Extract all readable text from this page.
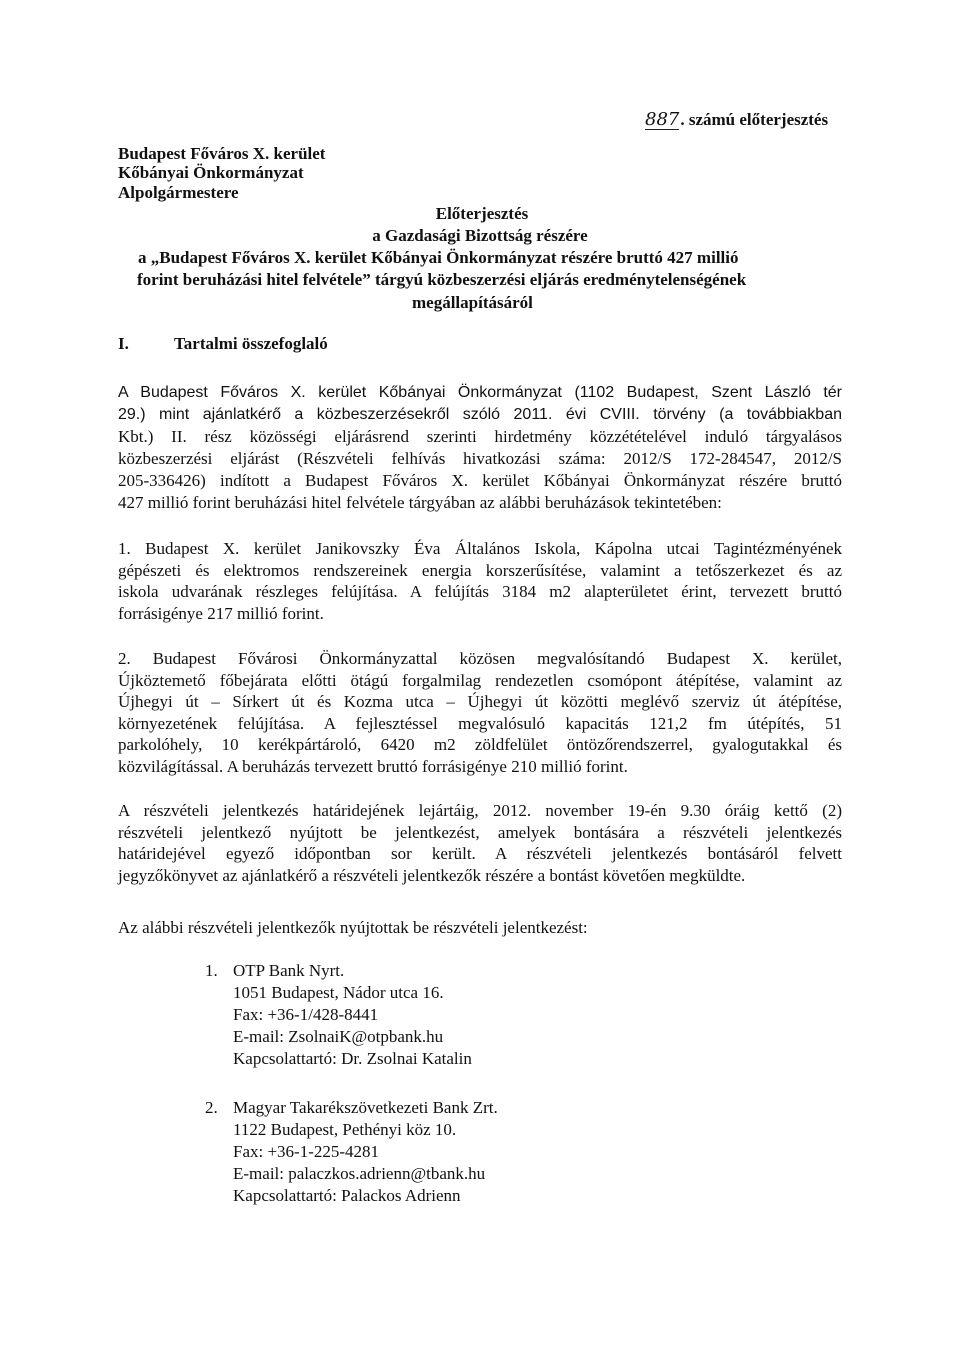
Budapest Főváros X. kerület
Kőbányai Önkormányzat
Alpolgármestere
887. számú előterjesztés
Előterjesztés
a Gazdasági Bizottság részére
a „Budapest Főváros X. kerület Kőbányai Önkormányzat részére bruttó 427 millió
forint beruházási hitel felvétele” tárgyú közbeszerzési eljárás eredménytelenségének
megállapításáról
I.	Tartalmi összefoglaló
A Budapest Főváros X. kerület Kőbányai Önkormányzat (1102 Budapest, Szent László tér
29.) mint ajánlatkérő a közbeszerzésekről szóló 2011. évi CVIII. törvény (a továbbiakban
Kbt.) II. rész közösségi eljárásrend szerinti hirdetmény közzétételével induló tárgyalásos
közbeszerzési eljárást (Részvételi felhívás hivatkozási száma: 2012/S 172-284547, 2012/S
205-336426) indított a Budapest Főváros X. kerület Kőbányai Önkormányzat részére bruttó
427 millió forint beruházási hitel felvétele tárgyában az alábbi beruházások tekintetében:
1. Budapest X. kerület Janikovszky Éva Általános Iskola, Kápolna utcai Tagintézményének
gépészeti és elektromos rendszereinek energia korszerűsítése, valamint a tetőszerkezet és az
iskola udvarának részleges felújítása. A felújítás 3184 m2 alapterületet érint, tervezett bruttó
forrásigénye 217 millió forint.
2. Budapest Fővárosi Önkormányzattal közösen megvalósítandó Budapest X. kerület,
Újköztemető főbejárata előtti ötágú forgalmilag rendezetlen csomópont átépítése, valamint az
Újhegyi út – Sírkert út és Kozma utca – Újhegyi út közötti meglévő szerviz út átépítése,
környezetének felújítása. A fejlesztéssel megvalósuló kapacitás 121,2 fm útépítés, 51
parkolóhely, 10 kerékpártároló, 6420 m2 zöldfelület öntözőrendszerrel, gyalogutakkal és
közvilágítással. A beruházás tervezett bruttó forrásigénye 210 millió forint.
A részvételi jelentkezés határidejének lejártáig, 2012. november 19-én 9.30 óráig kettő (2)
részvételi jelentkező nyújtott be jelentkezést, amelyek bontására a részvételi jelentkezés
határidejével egyező időpontban sor került. A részvételi jelentkezés bontásáról felvett
jegyzőkönyvet az ajánlatkérő a részvételi jelentkezők részére a bontást követően megküldte.
Az alábbi részvételi jelentkezők nyújtottak be részvételi jelentkezést:
1. OTP Bank Nyrt.
1051 Budapest, Nádor utca 16.
Fax: +36-1/428-8441
E-mail: ZsolnaiK@otpbank.hu
Kapcsolattartó: Dr. Zsolnai Katalin
2. Magyar Takarékszövetkezeti Bank Zrt.
1122 Budapest, Pethényi köz 10.
Fax: +36-1-225-4281
E-mail: palaczkos.adrienn@tbank.hu
Kapcsolattartó: Palackos Adrienn
